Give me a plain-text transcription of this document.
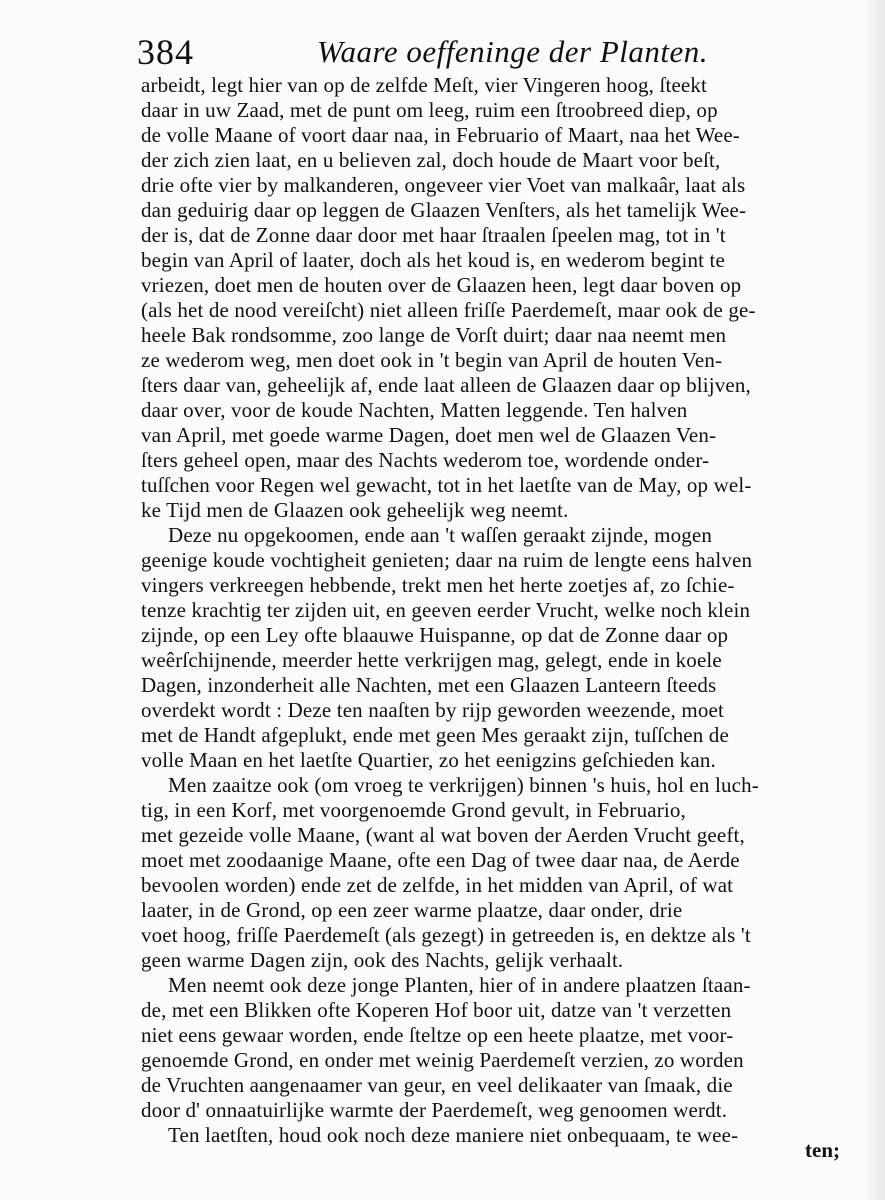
384	Waare oeffeninge der Planten.
arbeidt, legt hier van op de zelfde Meſt, vier Vingeren hoog, ſteekt
daar in uw Zaad, met de punt om leeg, ruim een ſtroobreed diep, op
de volle Maane of voort daar naa, in Februario of Maart, naa het Wee-
der zich zien laat, en u believen zal, doch houde de Maart voor beſt,
drie ofte vier by malkanderen, ongeveer vier Voet van malkaâr, laat als
dan geduirig daar op leggen de Glaazen Venſters, als het tamelijk Wee-
der is, dat de Zonne daar door met haar ſtraalen ſpeelen mag, tot in 't
begin van April of laater, doch als het koud is, en wederom begint te
vriezen, doet men de houten over de Glaazen heen, legt daar boven op
(als het de nood vereiſcht) niet alleen friſſe Paerdemeſt, maar ook de ge-
heele Bak rondsomme, zoo lange de Vorſt duirt; daar naa neemt men
ze wederom weg, men doet ook in 't begin van April de houten Ven-
ſters daar van, geheelijk af, ende laat alleen de Glaazen daar op blijven,
daar over, voor de koude Nachten, Matten leggende. Ten halven
van April, met goede warme Dagen, doet men wel de Glaazen Ven-
ſters geheel open, maar des Nachts wederom toe, wordende onder-
tuſſchen voor Regen wel gewacht, tot in het laetſte van de May, op wel-
ke Tijd men de Glaazen ook geheelijk weg neemt.
Deze nu opgekoomen, ende aan 't waſſen geraakt zijnde, mogen
geenige koude vochtigheit genieten; daar na ruim de lengte eens halven
vingers verkreegen hebbende, trekt men het herte zoetjes af, zo ſchie-
tenze krachtig ter zijden uit, en geeven eerder Vrucht, welke noch klein
zijnde, op een Ley ofte blaauwe Huispanne, op dat de Zonne daar op
weêrſchijnende, meerder hette verkrijgen mag, gelegt, ende in koele
Dagen, inzonderheit alle Nachten, met een Glaazen Lanteern ſteeds
overdekt wordt : Deze ten naaſten by rijp geworden weezende, moet
met de Handt afgeplukt, ende met geen Mes geraakt zijn, tuſſchen de
volle Maan en het laetſte Quartier, zo het eenigzins geſchieden kan.
Men zaaitze ook (om vroeg te verkrijgen) binnen 's huis, hol en luch-
tig, in een Korf, met voorgenoemde Grond gevult, in Februario,
met gezeide volle Maane, (want al wat boven der Aerden Vrucht geeft,
moet met zoodaanige Maane, ofte een Dag of twee daar naa, de Aerde
bevoolen worden) ende zet de zelfde, in het midden van April, of wat
laater, in de Grond, op een zeer warme plaatze, daar onder, drie
voet hoog, friſſe Paerdemeſt (als gezegt) in getreeden is, en dektze als 't
geen warme Dagen zijn, ook des Nachts, gelijk verhaalt.
Men neemt ook deze jonge Planten, hier of in andere plaatzen ſtaan-
de, met een Blikken ofte Koperen Hof boor uit, datze van 't verzetten
niet eens gewaar worden, ende ſteltze op een heete plaatze, met voor-
genoemde Grond, en onder met weinig Paerdemeſt verzien, zo worden
de Vruchten aangenaamer van geur, en veel delikaater van ſmaak, die
door d' onnaatuirlijke warmte der Paerdemeſt, weg genoomen werdt.
Ten laetſten, houd ook noch deze maniere niet onbequaam, te wee-
ten;
